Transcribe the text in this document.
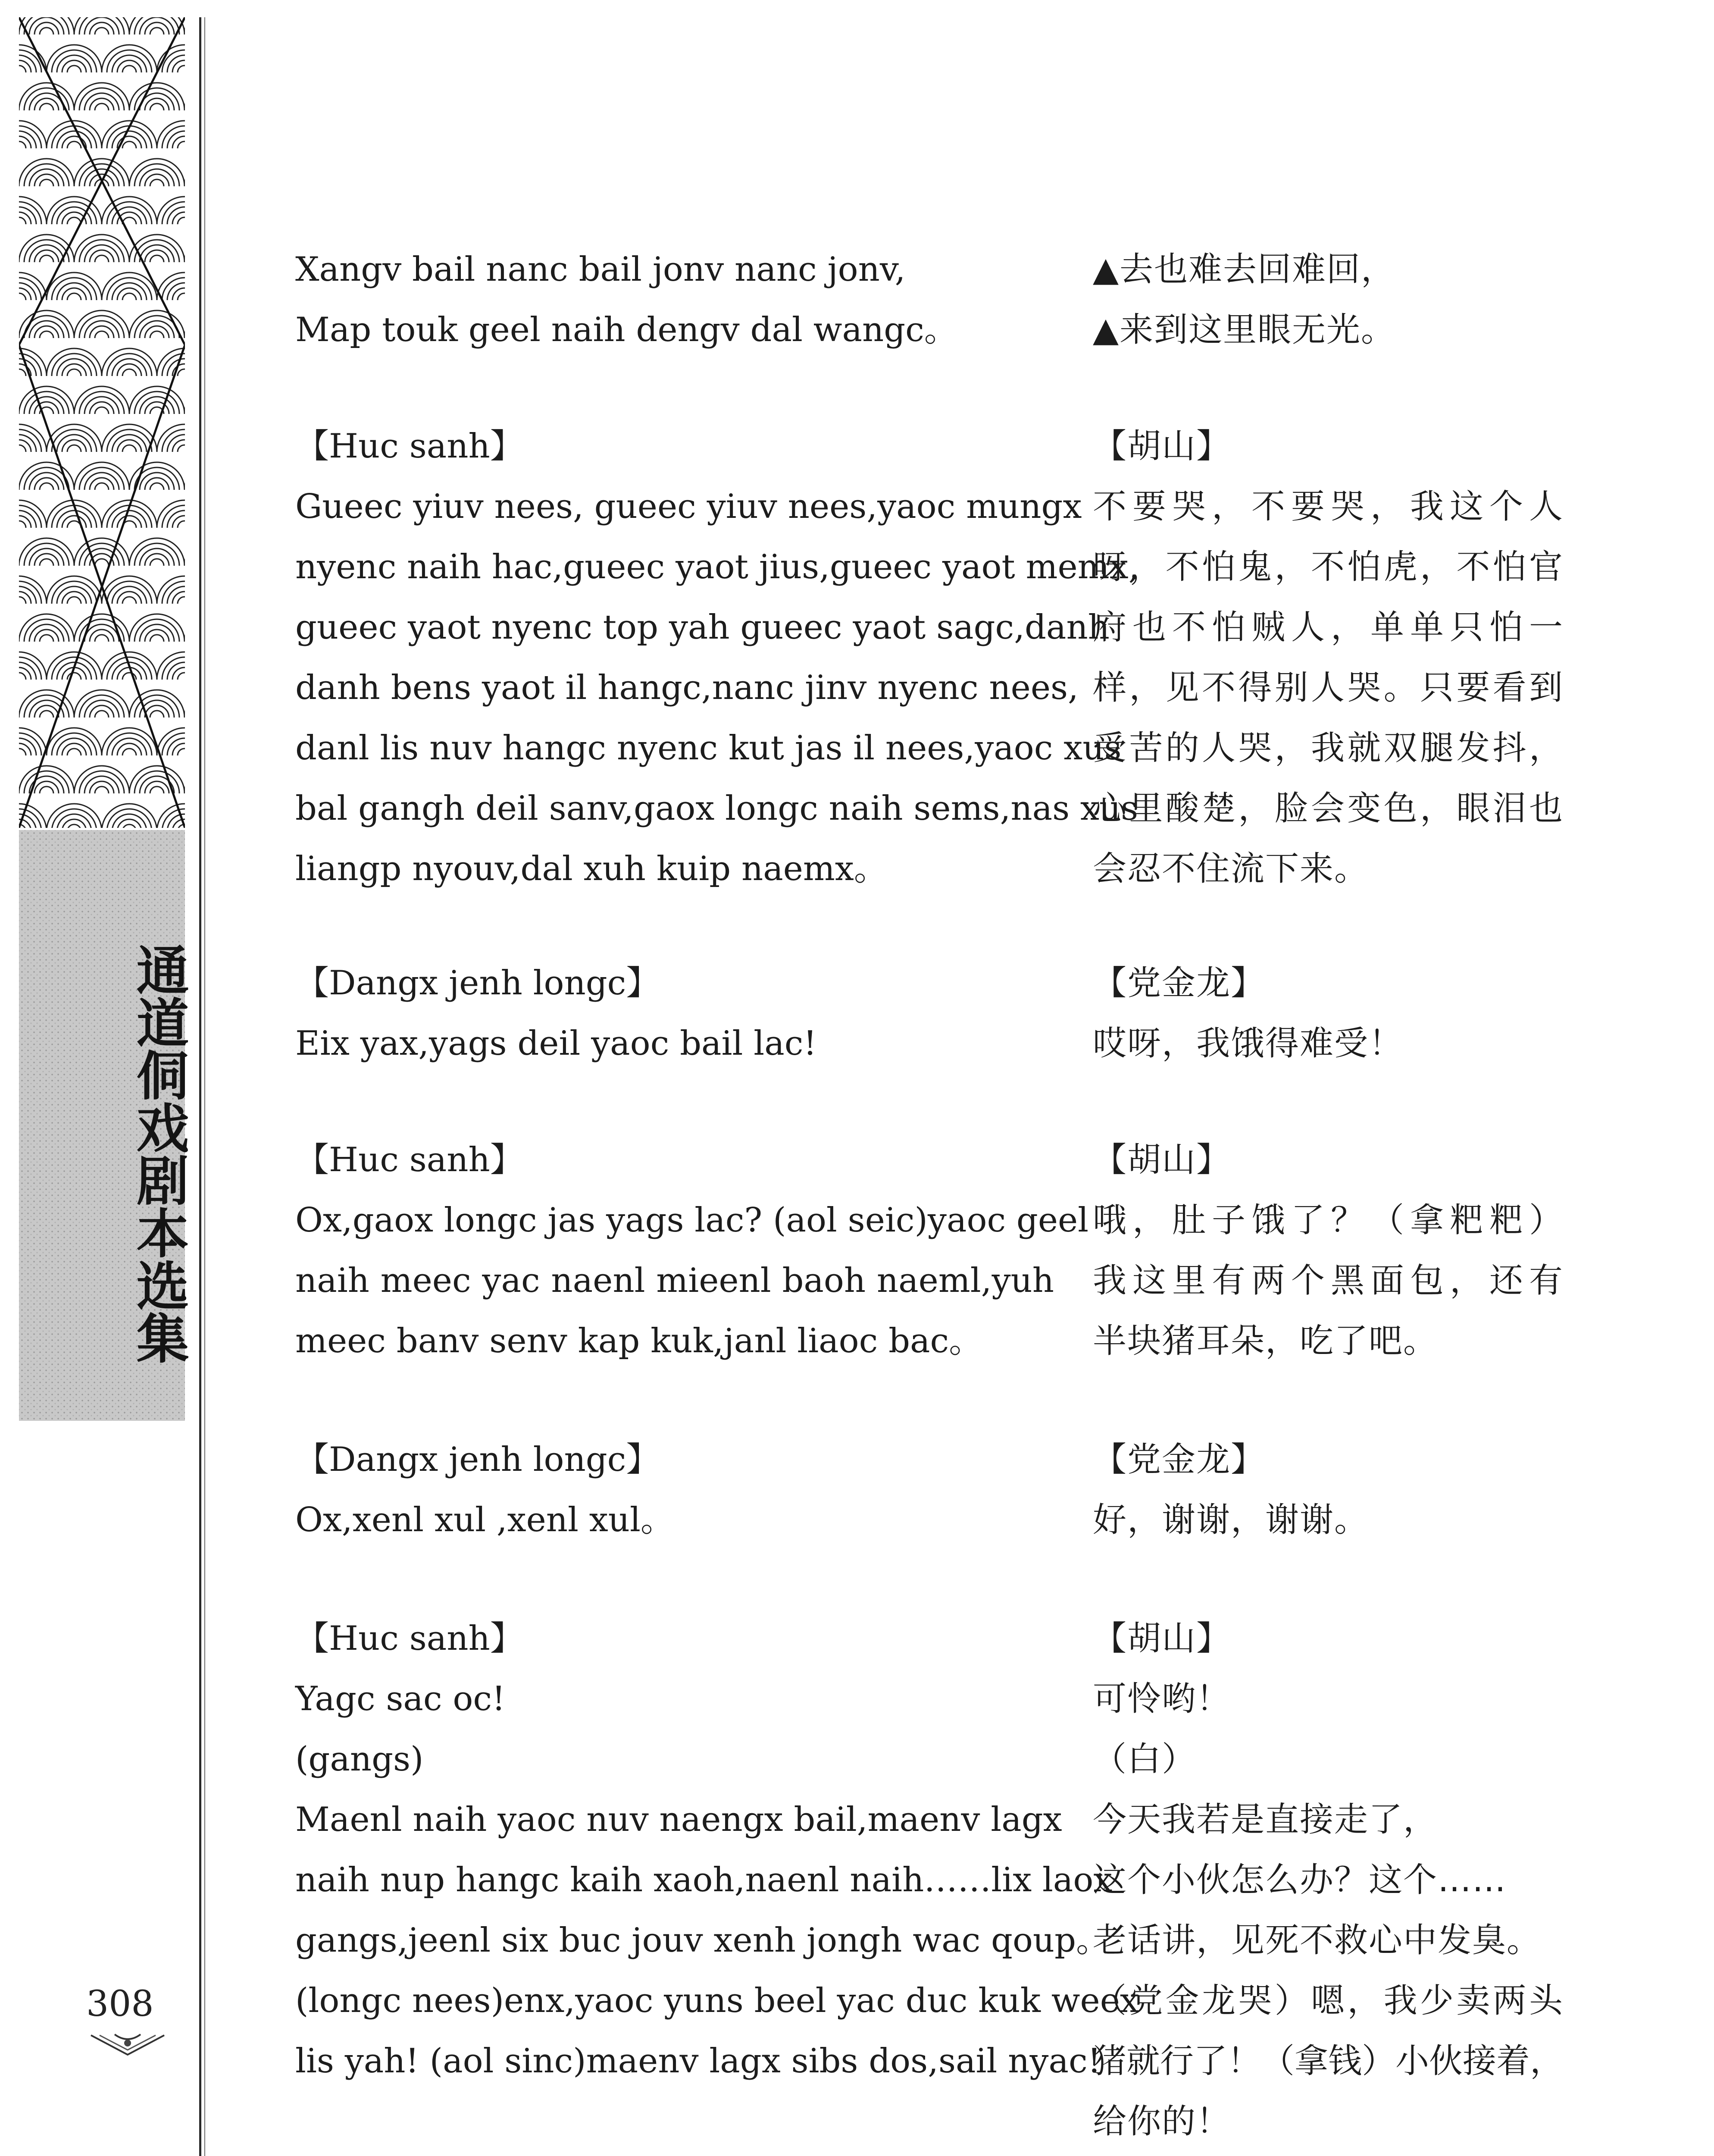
通道侗戏剧本选集
308
Xangv bail nanc bail jonv nanc jonv,
Map touk geel naih dengv dal wangc。
▲去也难去回难回，
▲来到这里眼无光。
【Huc sanh】
Gueec yiuv nees, gueec yiuv nees,yaoc mungx
nyenc naih hac,gueec yaot jius,gueec yaot memx,
gueec yaot nyenc top yah gueec yaot sagc,danh
danh bens yaot il hangc,nanc jinv nyenc nees,
danl lis nuv hangc nyenc kut jas il nees,yaoc xus
bal gangh deil sanv,gaox longc naih sems,nas xus
liangp nyouv,dal xuh kuip naemx。
【胡山】
不要哭，不要哭，我这个人
呀，不怕鬼，不怕虎，不怕官
府也不怕贼人，单单只怕一
样，见不得别人哭。只要看到
受苦的人哭，我就双腿发抖，
心里酸楚，脸会变色，眼泪也
会忍不住流下来。
【Dangx jenh longc】
Eix yax,yags deil yaoc bail lac!
【党金龙】
哎呀，我饿得难受！
【Huc sanh】
Ox,gaox longc jas yags lac? (aol seic)yaoc geel
naih meec yac naenl mieenl baoh naeml,yuh
meec banv senv kap kuk,janl liaoc bac。
【胡山】
哦，肚子饿了？（拿粑粑）
我这里有两个黑面包，还有
半块猪耳朵，吃了吧。
【Dangx jenh longc】
Ox,xenl xul ,xenl xul。
【党金龙】
好，谢谢，谢谢。
【Huc sanh】
Yagc sac oc!
(gangs)
Maenl naih yaoc nuv naengx bail,maenv lagx
naih nup hangc kaih xaoh,naenl naih……lix laox
gangs,jeenl six buc jouv xenh jongh wac qoup。
(longc nees)enx,yaoc yuns beel yac duc kuk weex
lis yah! (aol sinc)maenv lagx sibs dos,sail nyac!
【胡山】
可怜哟！
（白）
今天我若是直接走了，
这个小伙怎么办？这个……
老话讲，见死不救心中发臭。
（党金龙哭）嗯，我少卖两头
猪就行了！（拿钱）小伙接着，
给你的！
